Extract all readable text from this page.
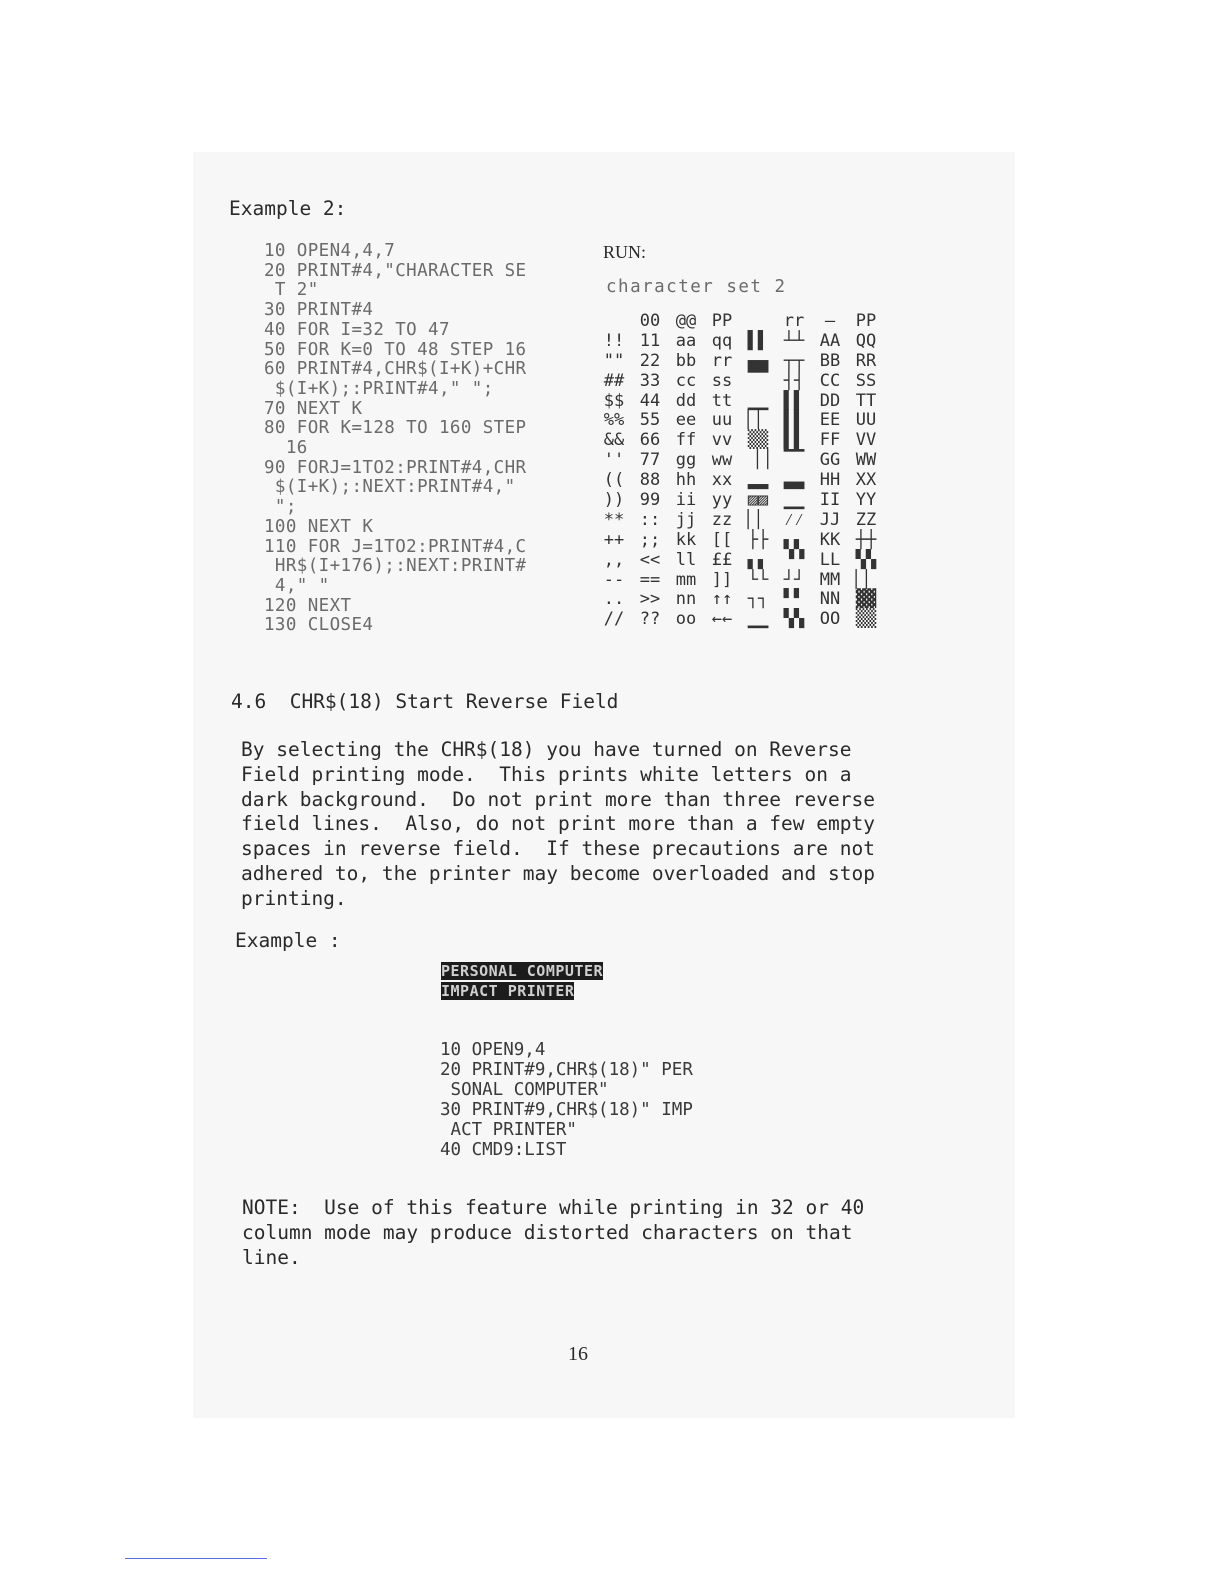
Example 2:
10 OPEN4,4,7
20 PRINT#4,"CHARACTER SE
T 2"
30 PRINT#4
40 FOR I=32 TO 47
50 FOR K=0 TO 48 STEP 16
60 PRINT#4,CHR$(I+K)+CHR
$(I+K);:PRINT#4," ";
70 NEXT K
80 FOR K=128 TO 160 STEP
16
90 FORJ=1TO2:PRINT#4,CHR
$(I+K);:NEXT:PRINT#4,"
";
100 NEXT K
110 FOR J=1TO2:PRINT#4,C
HR$(I+176);:NEXT:PRINT#
4," "
120 NEXT
130 CLOSE4
RUN:
character set 2
00 @@ PP	rr — PP
!! 11 aa qq ▌▌ ┴┴ AA QQ
"" 22 bb rr ▄▄ ┬┬ BB RR
## 33 cc ss ▔▔ ┤┤ CC SS
$$ 44 dd tt ▁▁ ▌▌ DD TT
%% 55 ee uu ▏▏ ▌▌ EE UU
&& 66 ff vv ▒▒ ▌▌ FF VV
'' 77 gg ww ▕▕ ▔▔ GG WW
(( 88 hh xx ▂▂ ▃▃ HH XX
)) 99 ii yy ▨▨ ▁▁ II YY
** :: jj zz ▏▏ ⁄⁄ JJ ZZ
++ ;; kk [[ ├├ ▖▖ KK ┼┼
,, << ll ££ ▖▖ ▝▝ LL ▚▚
-- == mm ]] └└ ┘┘ MM ▏▏
.. >> nn ↑↑ ┐┐ ▘▘ NN ▓▓
// ?? oo ←← ▁▁ ▚▚ OO ▒▒
4.6  CHR$(18) Start Reverse Field
By selecting the CHR$(18) you have turned on Reverse
Field printing mode.  This prints white letters on a
dark background.  Do not print more than three reverse
field lines.  Also, do not print more than a few empty
spaces in reverse field.  If these precautions are not
adhered to, the printer may become overloaded and stop
printing.
Example :
PERSONAL COMPUTER
IMPACT PRINTER
10 OPEN9,4
20 PRINT#9,CHR$(18)" PER
SONAL COMPUTER"
30 PRINT#9,CHR$(18)" IMP
ACT PRINTER"
40 CMD9:LIST
NOTE:  Use of this feature while printing in 32 or 40
column mode may produce distorted characters on that
line.
16
